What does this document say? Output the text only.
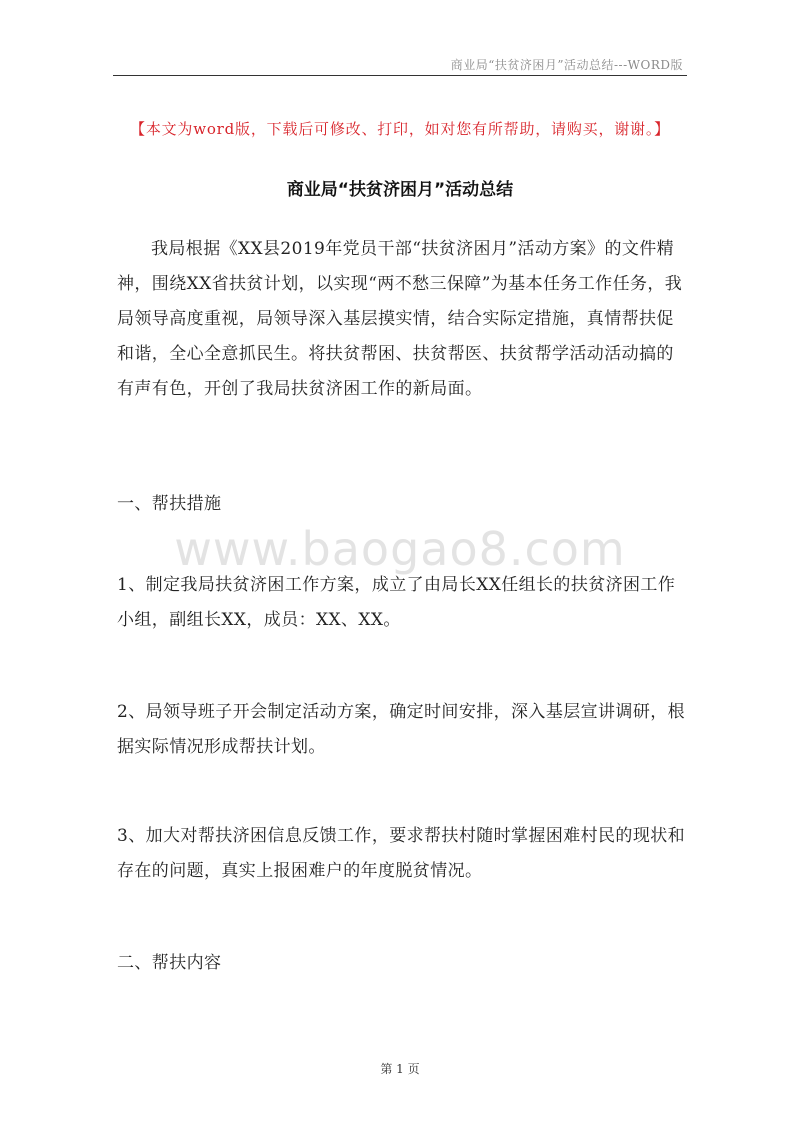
商业局“扶贫济困月”活动总结---WORD版
【本文为word版，下载后可修改、打印，如对您有所帮助，请购买，谢谢。】
商业局“扶贫济困月”活动总结
我局根据《XX县2019年党员干部“扶贫济困月”活动方案》的文件精神，围绕XX省扶贫计划，以实现“两不愁三保障”为基本任务工作任务，我局领导高度重视，局领导深入基层摸实情，结合实际定措施，真情帮扶促和谐，全心全意抓民生。将扶贫帮困、扶贫帮医、扶贫帮学活动活动搞的有声有色，开创了我局扶贫济困工作的新局面。
一、帮扶措施
www.baogao8.com
1、制定我局扶贫济困工作方案，成立了由局长XX任组长的扶贫济困工作小组，副组长XX，成员：XX、XX。
2、局领导班子开会制定活动方案，确定时间安排，深入基层宣讲调研，根据实际情况形成帮扶计划。
3、加大对帮扶济困信息反馈工作，要求帮扶村随时掌握困难村民的现状和存在的问题，真实上报困难户的年度脱贫情况。
二、帮扶内容
第 1 页
